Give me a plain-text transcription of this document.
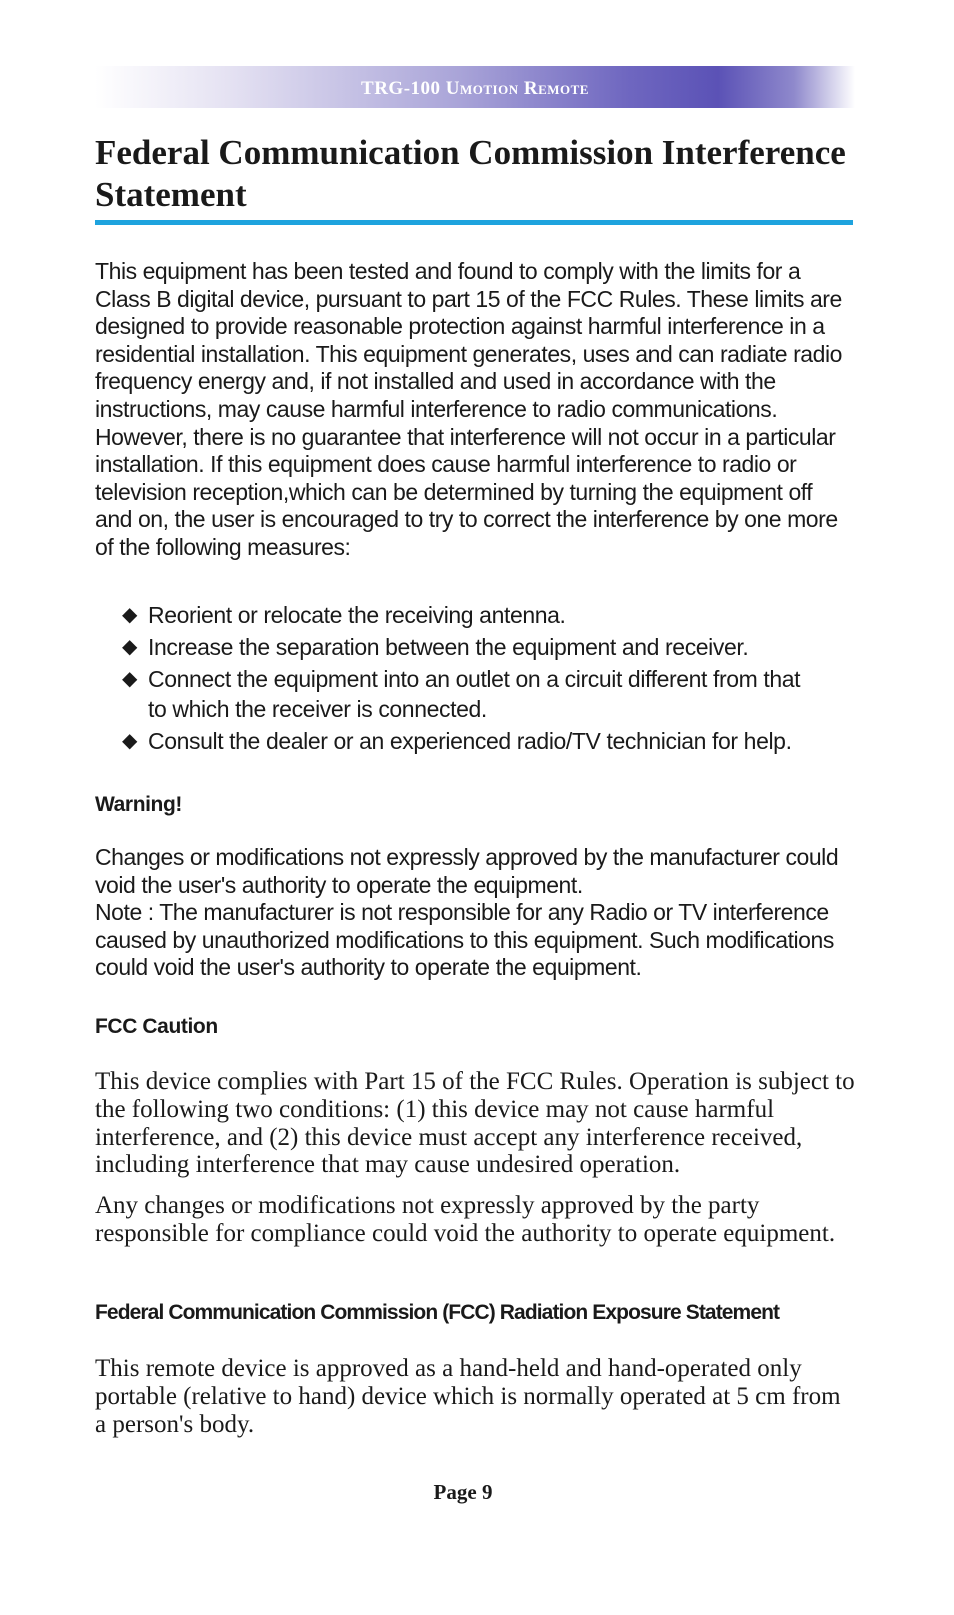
TRG-100 Umotion Remote
Federal Communication Commission Interference Statement

This equipment has been tested and found to comply with the limits for a Class B digital device, pursuant to part 15 of the FCC Rules. These limits are designed to provide reasonable protection against harmful interference in a residential installation. This equipment generates, uses and can radiate radio frequency energy and, if not installed and used in accordance with the instructions, may cause harmful interference to radio communications. However, there is no guarantee that interference will not occur in a particular installation. If this equipment does cause harmful interference to radio or television reception,which can be determined by turning the equipment off and on, the user is encouraged to try to correct the interference by one more of the following measures:

◆ Reorient or relocate the receiving antenna.
◆ Increase the separation between the equipment and receiver.
◆ Connect the equipment into an outlet on a circuit different from that to which the receiver is connected.
◆ Consult the dealer or an experienced radio/TV technician for help.
Warning!

Changes or modifications not expressly approved by the manufacturer could void the user's authority to operate the equipment.

Note : The manufacturer is not responsible for any Radio or TV interference caused by unauthorized modifications to this equipment. Such modifications could void the user's authority to operate the equipment.

FCC Caution

This device complies with Part 15 of the FCC Rules. Operation is subject to the following two conditions: (1) this device may not cause harmful interference, and (2) this device must accept any interference received, including interference that may cause undesired operation.

Any changes or modifications not expressly approved by the party responsible for compliance could void the authority to operate equipment.

Federal Communication Commission (FCC) Radiation Exposure Statement

This remote device is approved as a hand-held and hand-operated only portable (relative to hand) device which is normally operated at 5 cm from a person's body.

Page 9
